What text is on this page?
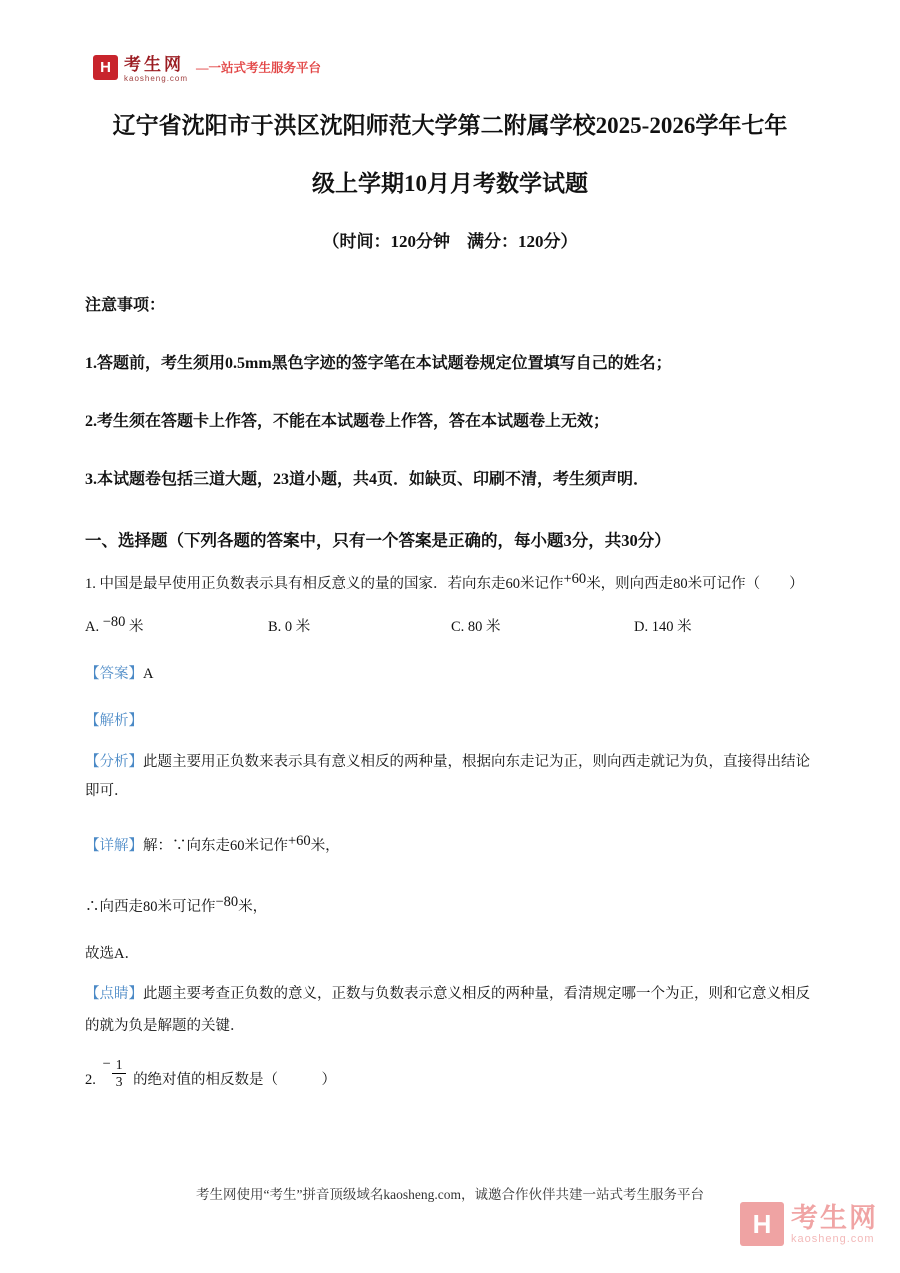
H 考生网
kaosheng.com
—一站式考生服务平台
辽宁省沈阳市于洪区沈阳师范大学第二附属学校2025-2026学年七年
级上学期10月月考数学试题
（时间：120分钟　满分：120分）
注意事项：
1.答题前，考生须用0.5mm黑色字迹的签字笔在本试题卷规定位置填写自己的姓名；
2.考生须在答题卡上作答，不能在本试题卷上作答，答在本试题卷上无效；
3.本试题卷包括三道大题，23道小题，共4页．如缺页、印刷不清，考生须声明．
一、选择题（下列各题的答案中，只有一个答案是正确的，每小题3分，共30分）

1. 中国是最早使用正负数表示具有相反意义的量的国家．若向东走60米记作+60米，则向西走80米可记作（　　）

A. −80 米	B. 0 米	C. 80 米	D. 140 米

【答案】A

【解析】

【分析】此题主要用正负数来表示具有意义相反的两种量，根据向东走记为正，则向西走就记为负，直接得出结论即可．

【详解】解：∵向东走60米记作+60米，

∴向西走80米可记作−80米，

故选A．

【点睛】此题主要考查正负数的意义，正数与负数表示意义相反的两种量，看清规定哪一个为正，则和它意义相反的就为负是解题的关键．

2. − $\frac{1}{3}$ 的绝对值的相反数是（　　　）

考生网使用“考生”拼音顶级域名kaosheng.com，诚邀合作伙伴共建一站式考生服务平台
H 考生网
kaosheng.com
